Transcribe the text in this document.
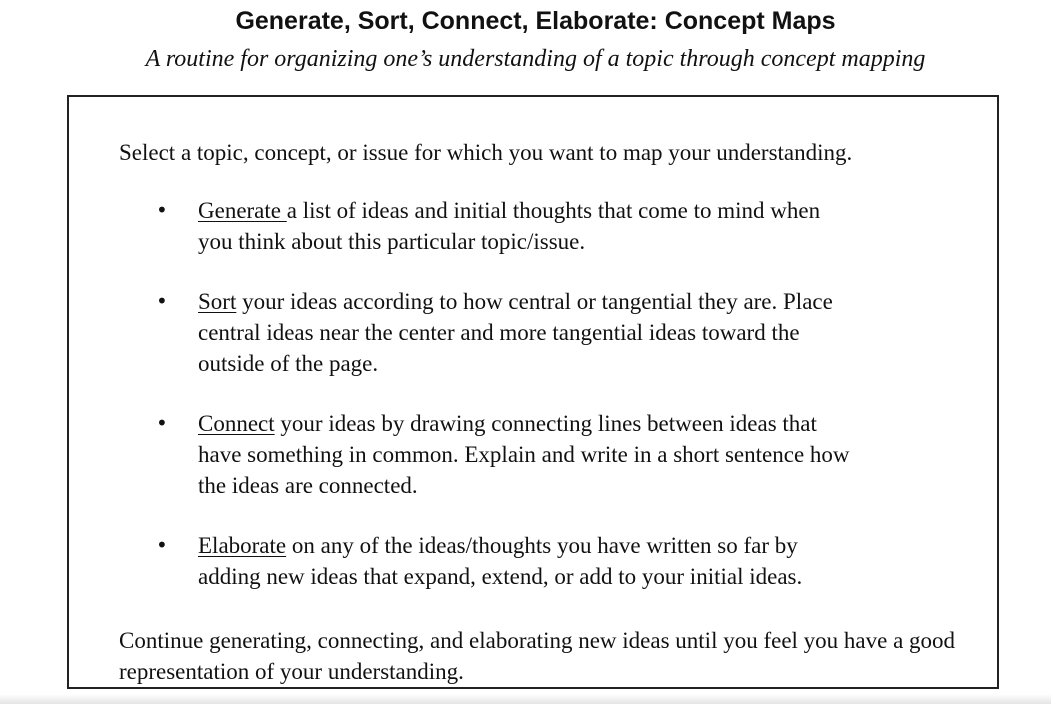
Generate, Sort, Connect, Elaborate: Concept Maps
A routine for organizing one’s understanding of a topic through concept mapping

Select a topic, concept, or issue for which you want to map your understanding.

• Generate a list of ideas and initial thoughts that come to mind when you think about this particular topic/issue.
• Sort your ideas according to how central or tangential they are. Place central ideas near the center and more tangential ideas toward the outside of the page.
• Connect your ideas by drawing connecting lines between ideas that have something in common. Explain and write in a short sentence how the ideas are connected.
• Elaborate on any of the ideas/thoughts you have written so far by adding new ideas that expand, extend, or add to your initial ideas.

Continue generating, connecting, and elaborating new ideas until you feel you have a good representation of your understanding.
